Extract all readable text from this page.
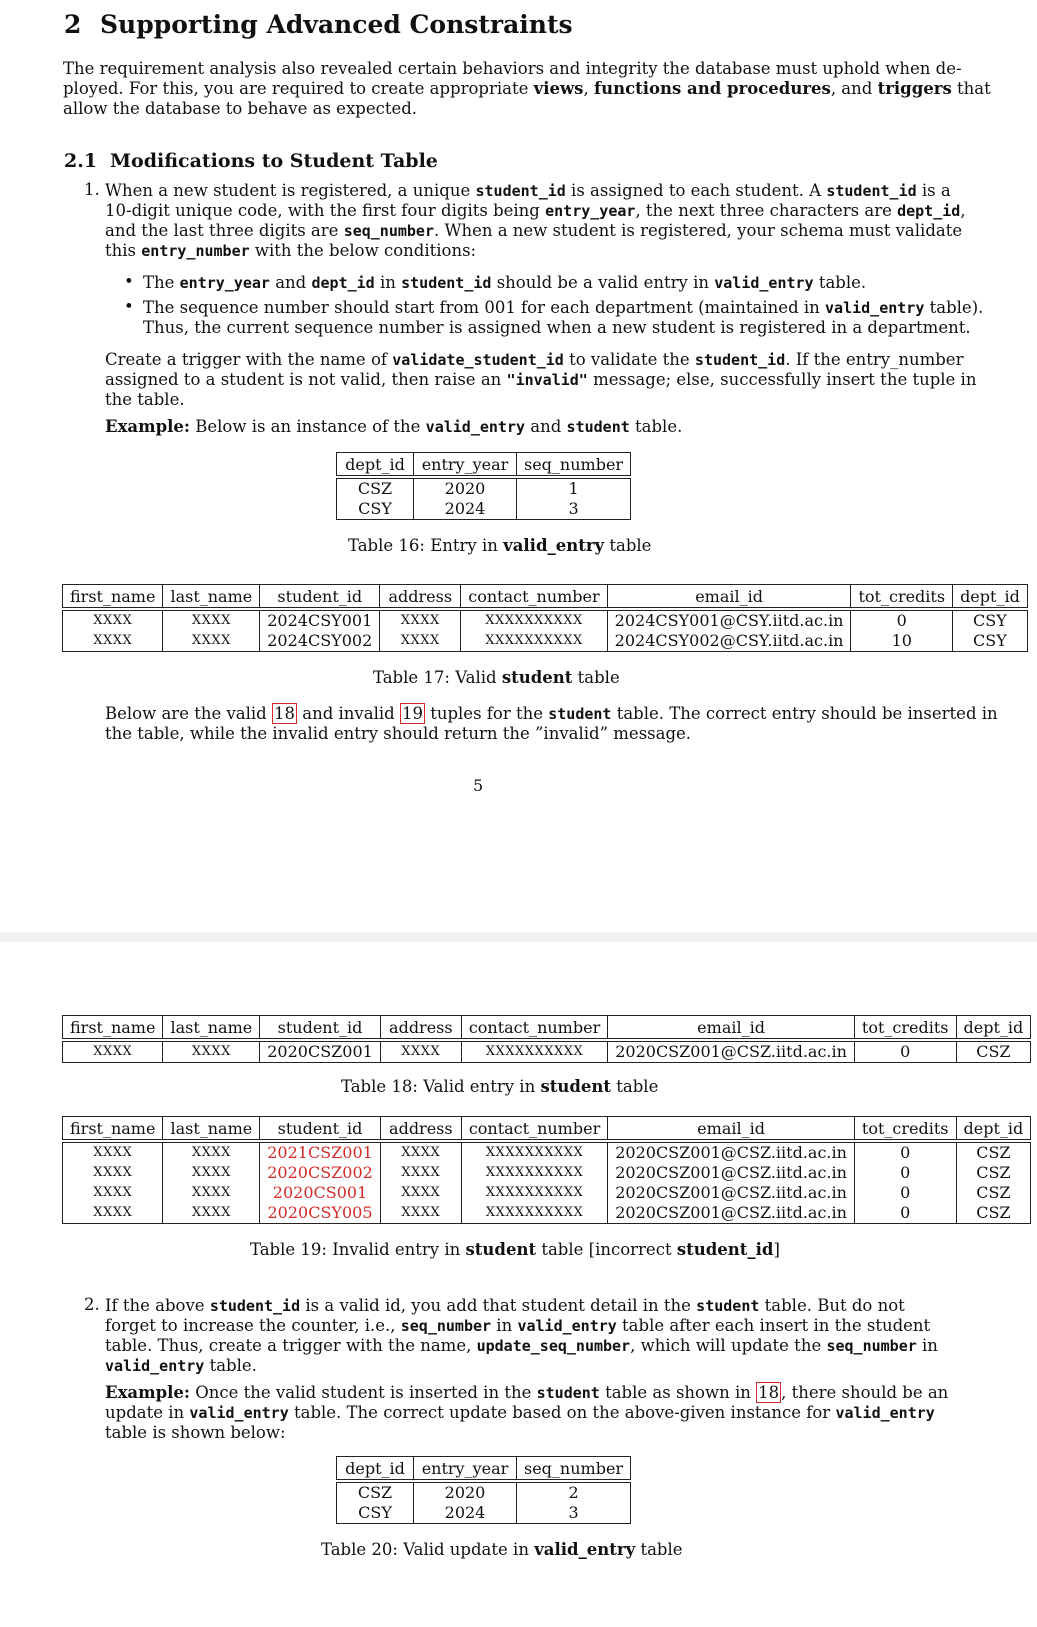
2 Supporting Advanced Constraints
The requirement analysis also revealed certain behaviors and integrity the database must uphold when de-
ployed. For this, you are required to create appropriate views, functions and procedures, and triggers that
allow the database to behave as expected.
2.1 Modifications to Student Table
1. When a new student is registered, a unique student_id is assigned to each student. A student_id is a
10-digit unique code, with the first four digits being entry_year, the next three characters are dept_id,
and the last three digits are seq_number. When a new student is registered, your schema must validate
this entry_number with the below conditions:
• The entry_year and dept_id in student_id should be a valid entry in valid_entry table.
• The sequence number should start from 001 for each department (maintained in valid_entry table).
Thus, the current sequence number is assigned when a new student is registered in a department.
Create a trigger with the name of validate_student_id to validate the student_id. If the entry_number
assigned to a student is not valid, then raise an "invalid" message; else, successfully insert the tuple in
the table.
Example: Below is an instance of the valid_entry and student table.
dept_id	entry_year	seq_number
CSZ	2020	1
CSY	2024	3
Table 16: Entry in valid_entry table
first_name	last_name	student_id	address	contact_number	email_id	tot_credits	dept_id
XXXX	XXXX	2024CSY001	XXXX	XXXXXXXXXX	2024CSY001@CSY.iitd.ac.in	0	CSY
XXXX	XXXX	2024CSY002	XXXX	XXXXXXXXXX	2024CSY002@CSY.iitd.ac.in	10	CSY
Table 17: Valid student table
Below are the valid 18 and invalid 19 tuples for the student table. The correct entry should be inserted in
the table, while the invalid entry should return the ”invalid” message.
5
first_name	last_name	student_id	address	contact_number	email_id	tot_credits	dept_id
XXXX	XXXX	2020CSZ001	XXXX	XXXXXXXXXX	2020CSZ001@CSZ.iitd.ac.in	0	CSZ
Table 18: Valid entry in student table
first_name	last_name	student_id	address	contact_number	email_id	tot_credits	dept_id
XXXX	XXXX	2021CSZ001	XXXX	XXXXXXXXXX	2020CSZ001@CSZ.iitd.ac.in	0	CSZ
XXXX	XXXX	2020CSZ002	XXXX	XXXXXXXXXX	2020CSZ001@CSZ.iitd.ac.in	0	CSZ
XXXX	XXXX	2020CS001	XXXX	XXXXXXXXXX	2020CSZ001@CSZ.iitd.ac.in	0	CSZ
XXXX	XXXX	2020CSY005	XXXX	XXXXXXXXXX	2020CSZ001@CSZ.iitd.ac.in	0	CSZ
Table 19: Invalid entry in student table [incorrect student_id]
2. If the above student_id is a valid id, you add that student detail in the student table. But do not
forget to increase the counter, i.e., seq_number in valid_entry table after each insert in the student
table. Thus, create a trigger with the name, update_seq_number, which will update the seq_number in
valid_entry table.
Example: Once the valid student is inserted in the student table as shown in 18 , there should be an
update in valid_entry table. The correct update based on the above-given instance for valid_entry
table is shown below:
dept_id	entry_year	seq_number
CSZ	2020	2
CSY	2024	3
Table 20: Valid update in valid_entry table
